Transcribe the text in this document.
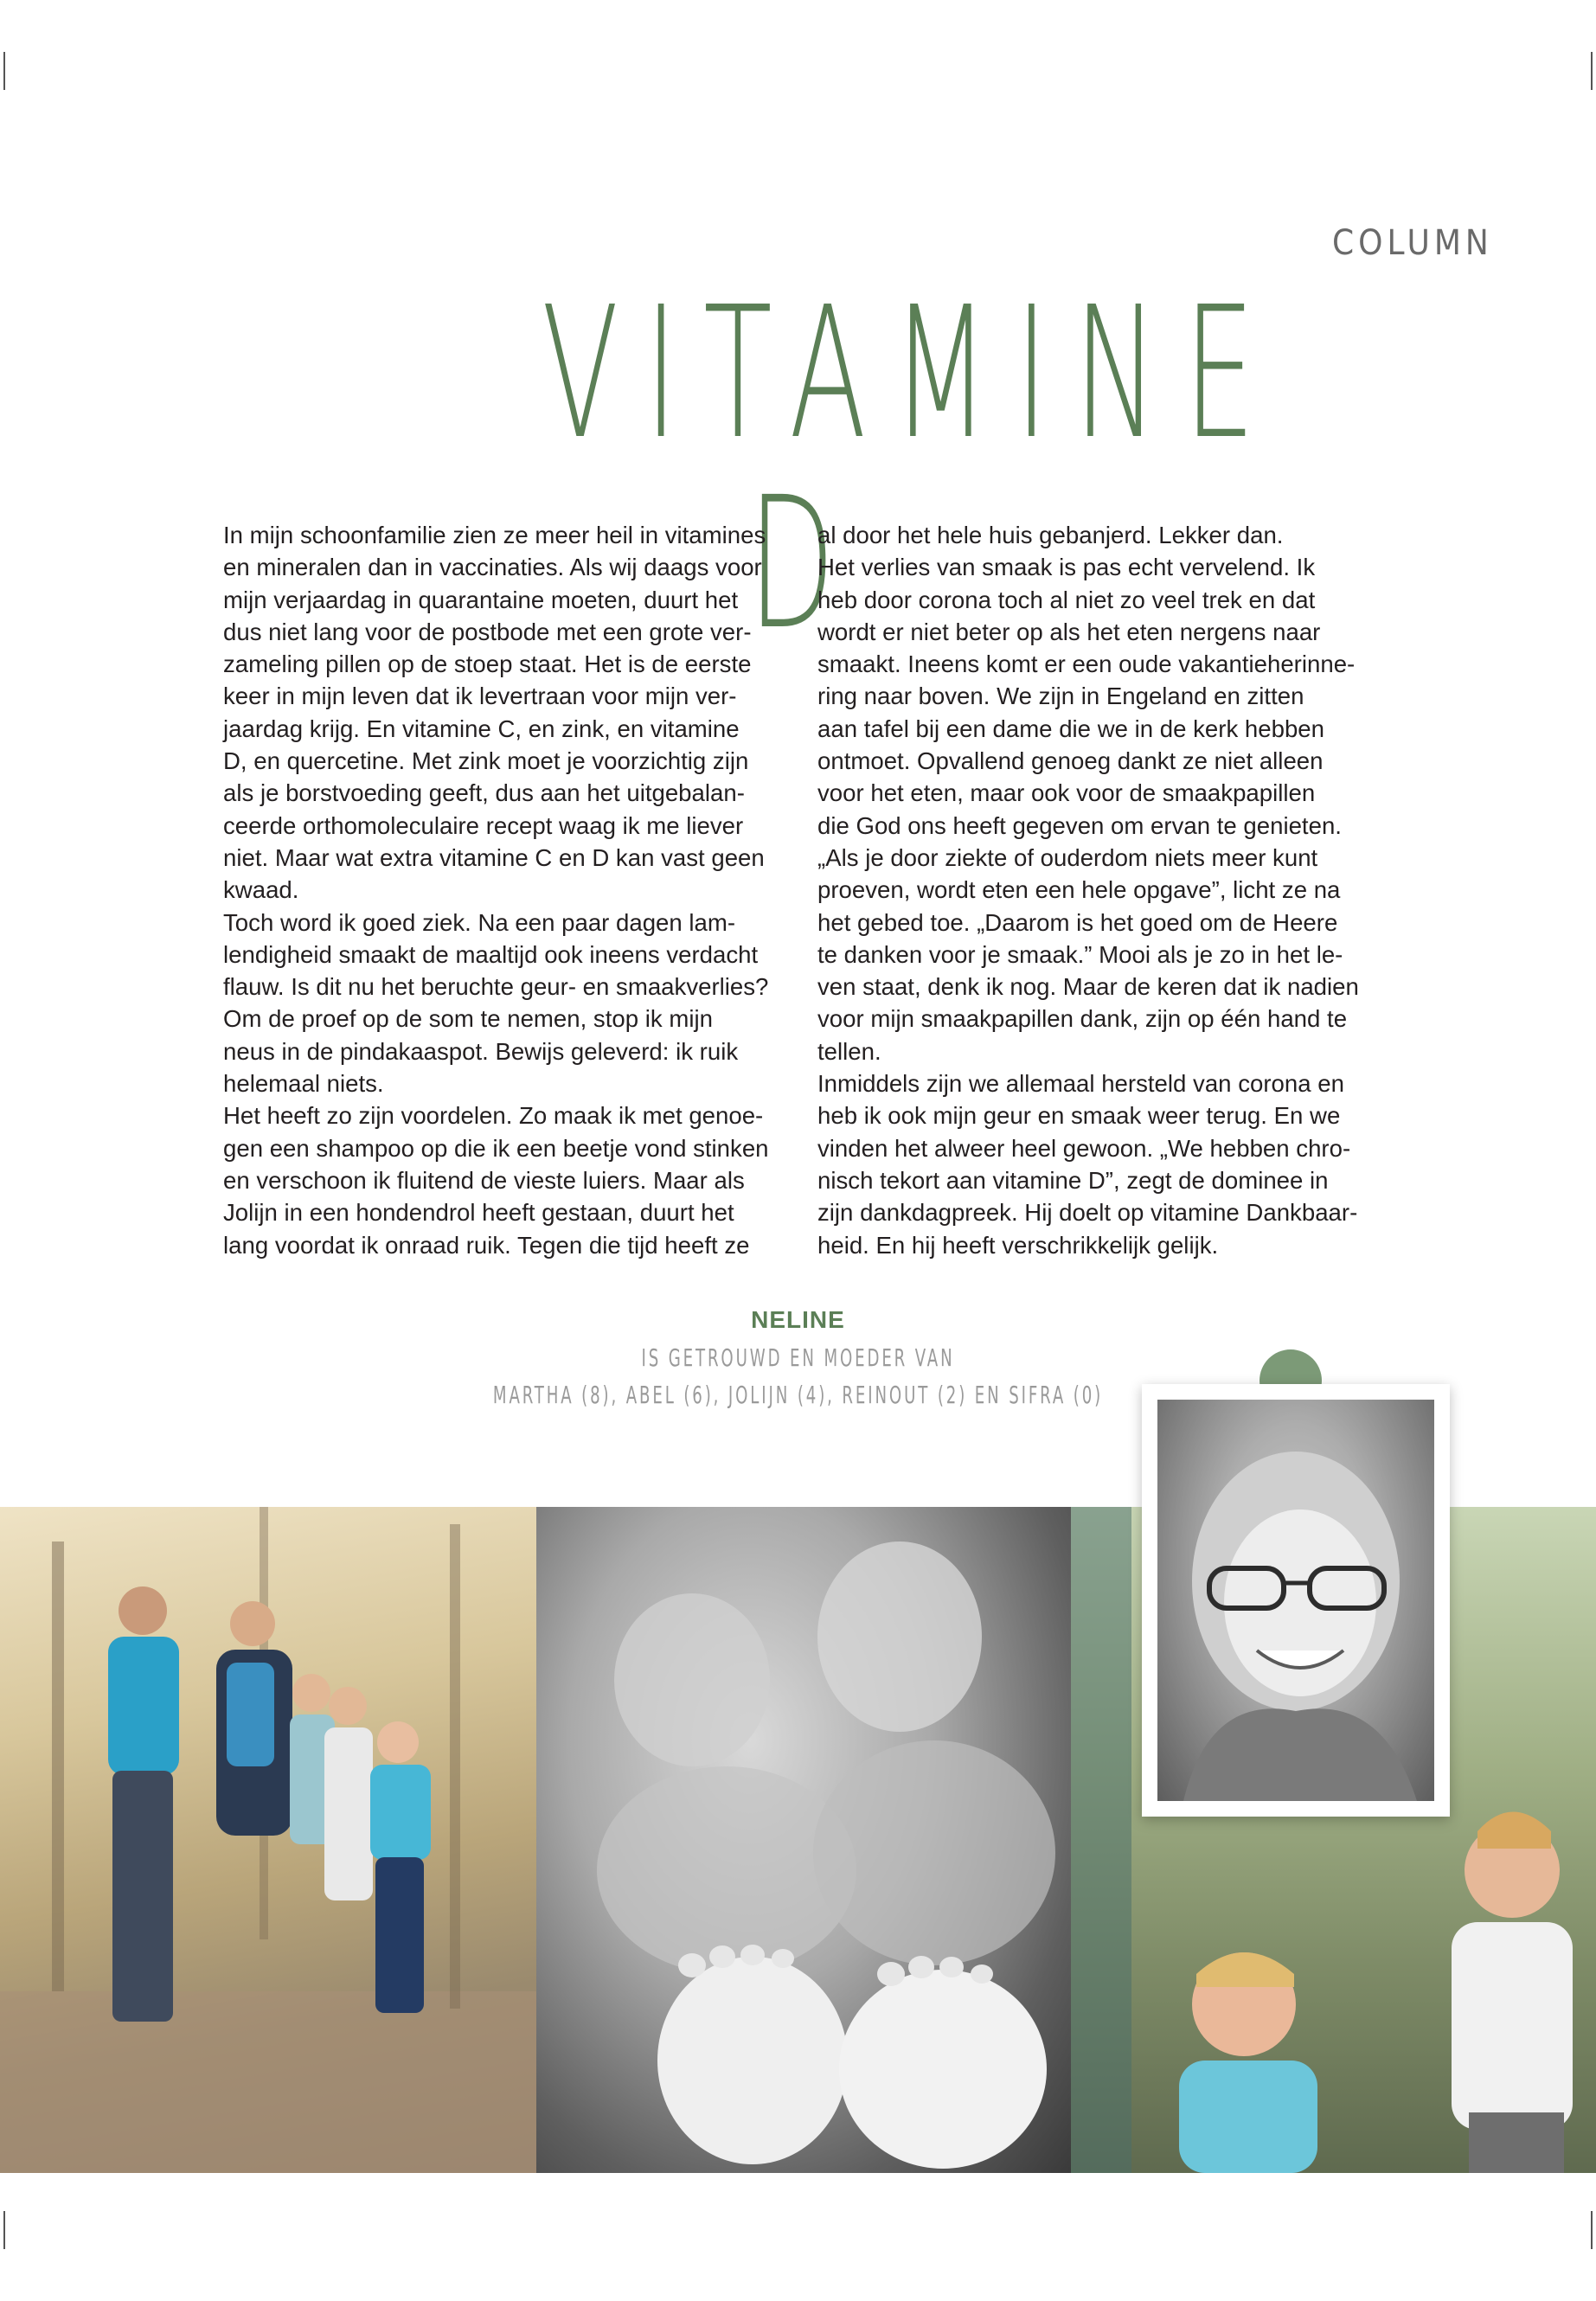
COLUMN
VITAMINE D

In mijn schoonfamilie zien ze meer heil in vitamines

en mineralen dan in vaccinaties. Als wij daags voor

mijn verjaardag in quarantaine moeten, duurt het

dus niet lang voor de postbode met een grote ver-

zameling pillen op de stoep staat. Het is de eerste

keer in mijn leven dat ik levertraan voor mijn ver-

jaardag krijg. En vitamine C, en zink, en vitamine

D, en quercetine. Met zink moet je voorzichtig zijn

als je borstvoeding geeft, dus aan het uitgebalan-

ceerde orthomoleculaire recept waag ik me liever

niet. Maar wat extra vitamine C en D kan vast geen

kwaad.

Toch word ik goed ziek. Na een paar dagen lam-

lendigheid smaakt de maaltijd ook ineens verdacht

flauw. Is dit nu het beruchte geur- en smaakverlies?

Om de proef op de som te nemen, stop ik mijn

neus in de pindakaaspot. Bewijs geleverd: ik ruik

helemaal niets.

Het heeft zo zijn voordelen. Zo maak ik met genoe-

gen een shampoo op die ik een beetje vond stinken

en verschoon ik fluitend de vieste luiers. Maar als

Jolijn in een hondendrol heeft gestaan, duurt het

lang voordat ik onraad ruik. Tegen die tijd heeft ze

al door het hele huis gebanjerd. Lekker dan.

Het verlies van smaak is pas echt vervelend. Ik

heb door corona toch al niet zo veel trek en dat

wordt er niet beter op als het eten nergens naar

smaakt. Ineens komt er een oude vakantieherinne-

ring naar boven. We zijn in Engeland en zitten

aan tafel bij een dame die we in de kerk hebben

ontmoet. Opvallend genoeg dankt ze niet alleen

voor het eten, maar ook voor de smaakpapillen

die God ons heeft gegeven om ervan te genieten.

„Als je door ziekte of ouderdom niets meer kunt

proeven, wordt eten een hele opgave”, licht ze na

het gebed toe. „Daarom is het goed om de Heere

te danken voor je smaak.” Mooi als je zo in het le-

ven staat, denk ik nog. Maar de keren dat ik nadien

voor mijn smaakpapillen dank, zijn op één hand te

tellen.

Inmiddels zijn we allemaal hersteld van corona en

heb ik ook mijn geur en smaak weer terug. En we

vinden het alweer heel gewoon. „We hebben chro-

nisch tekort aan vitamine D”, zegt de dominee in

zijn dankdagpreek. Hij doelt op vitamine Dankbaar-

heid. En hij heeft verschrikkelijk gelijk.

NELINE
IS GETROUWD EN MOEDER VAN
MARTHA (8), ABEL (6), JOLIJN (4), REINOUT (2) EN SIFRA (0)
